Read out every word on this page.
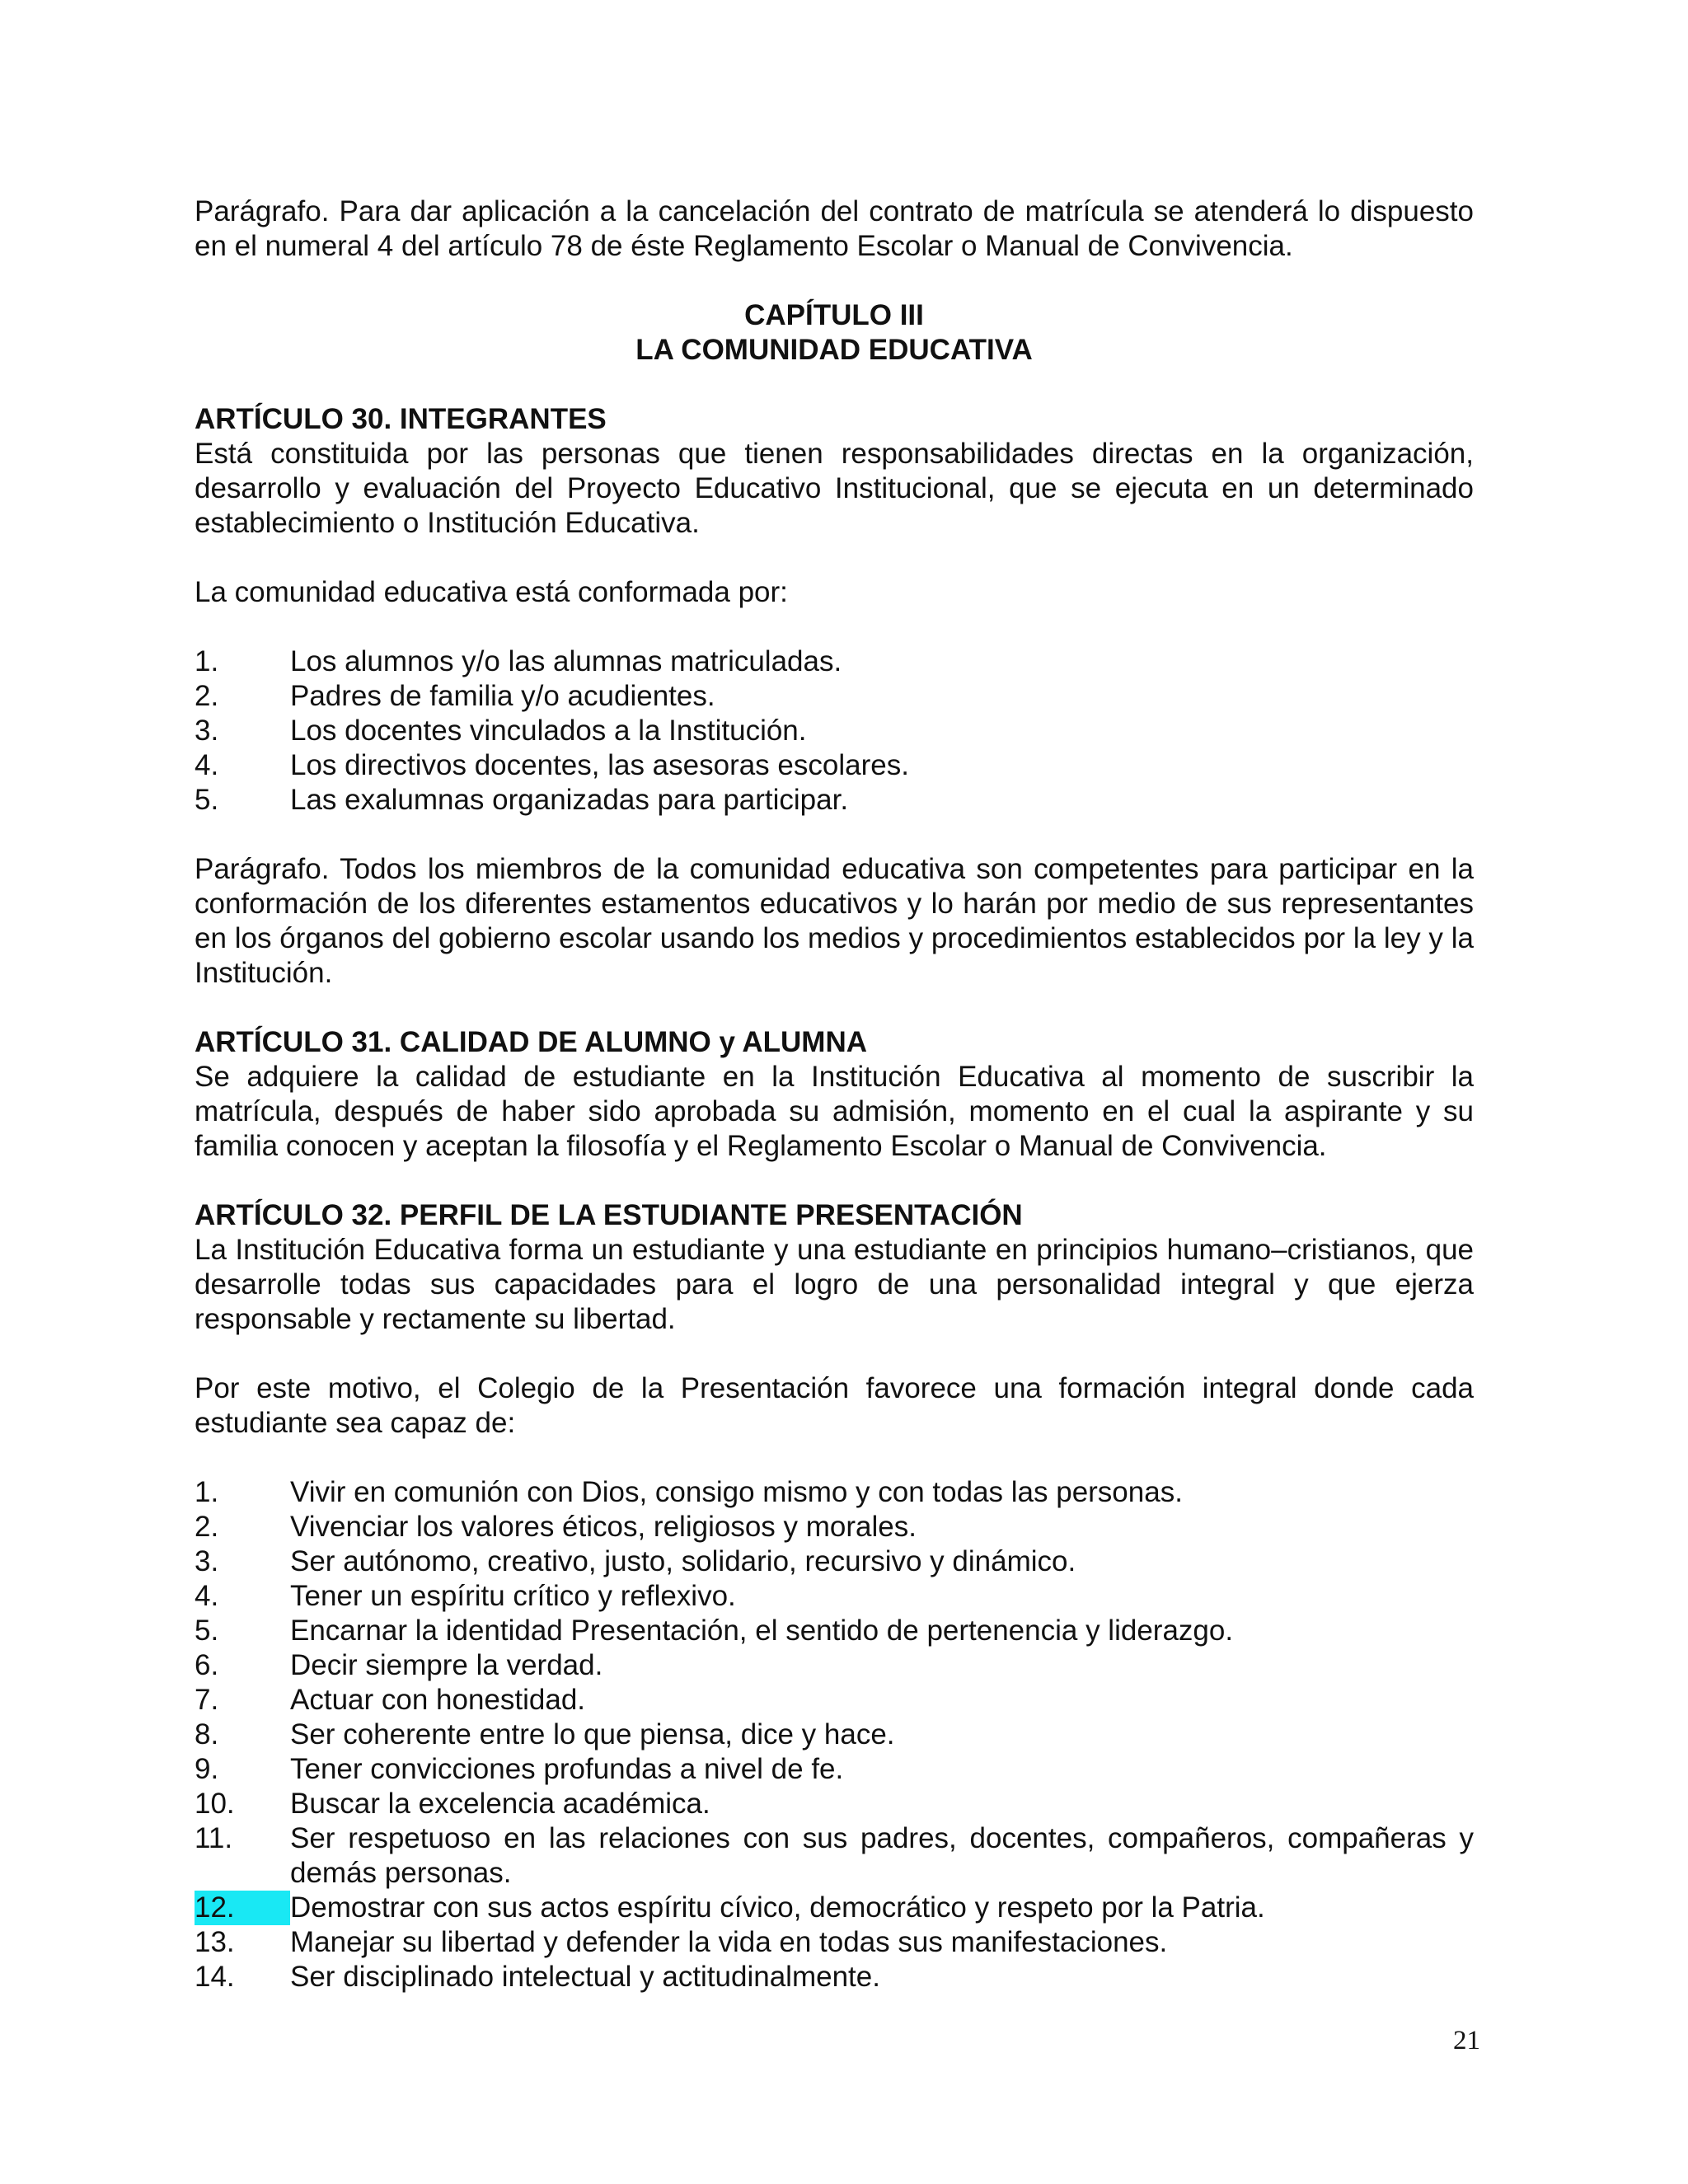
Parágrafo. Para dar aplicación a la cancelación del contrato de matrícula se atenderá lo dispuesto en el numeral 4 del artículo 78 de éste Reglamento Escolar o Manual de Convivencia.

CAPÍTULO III

LA COMUNIDAD EDUCATIVA

ARTÍCULO 30. INTEGRANTES

Está constituida por las personas que tienen responsabilidades directas en la organización, desarrollo y evaluación del Proyecto Educativo Institucional, que se ejecuta en un determinado establecimiento o Institución Educativa.

La comunidad educativa está conformada por:

1.	Los alumnos y/o las alumnas matriculadas.
2.	Padres de familia y/o acudientes.
3.	Los docentes vinculados a la Institución.
4.	Los directivos docentes, las asesoras escolares.
5.	Las exalumnas organizadas para participar.

Parágrafo. Todos los miembros de la comunidad educativa son competentes para participar en la conformación de los diferentes estamentos educativos y lo harán por medio de sus representantes en los órganos del gobierno escolar usando los medios y procedimientos establecidos por la ley y la Institución.

ARTÍCULO 31. CALIDAD DE ALUMNO y ALUMNA

Se adquiere la calidad de estudiante en la Institución Educativa al momento de suscribir la matrícula, después de haber sido aprobada su admisión, momento en el cual la aspirante y su familia conocen y aceptan la filosofía y el Reglamento Escolar o Manual de Convivencia.

ARTÍCULO 32. PERFIL DE LA ESTUDIANTE PRESENTACIÓN

La Institución Educativa forma un estudiante y una estudiante en principios humano–cristianos, que desarrolle todas sus capacidades para el logro de una personalidad integral y que ejerza responsable y rectamente su libertad.

Por este motivo, el Colegio de la Presentación favorece una formación integral donde cada estudiante sea capaz de:

1.	Vivir en comunión con Dios, consigo mismo y con todas las personas.
2.	Vivenciar los valores éticos, religiosos y morales.
3.	Ser autónomo, creativo, justo, solidario, recursivo y dinámico.
4.	Tener un espíritu crítico y reflexivo.
5.	Encarnar la identidad Presentación, el sentido de pertenencia y liderazgo.
6.	Decir siempre la verdad.
7.	Actuar con honestidad.
8.	Ser coherente entre lo que piensa, dice y hace.
9.	Tener convicciones profundas a nivel de fe.
10.	Buscar la excelencia académica.
11.	Ser respetuoso en las relaciones con sus padres, docentes, compañeros, compañeras y demás personas.
12.	Demostrar con sus actos espíritu cívico, democrático y respeto por la Patria.
13.	Manejar su libertad y defender la vida en todas sus manifestaciones.
14.	Ser disciplinado intelectual y actitudinalmente.
21
